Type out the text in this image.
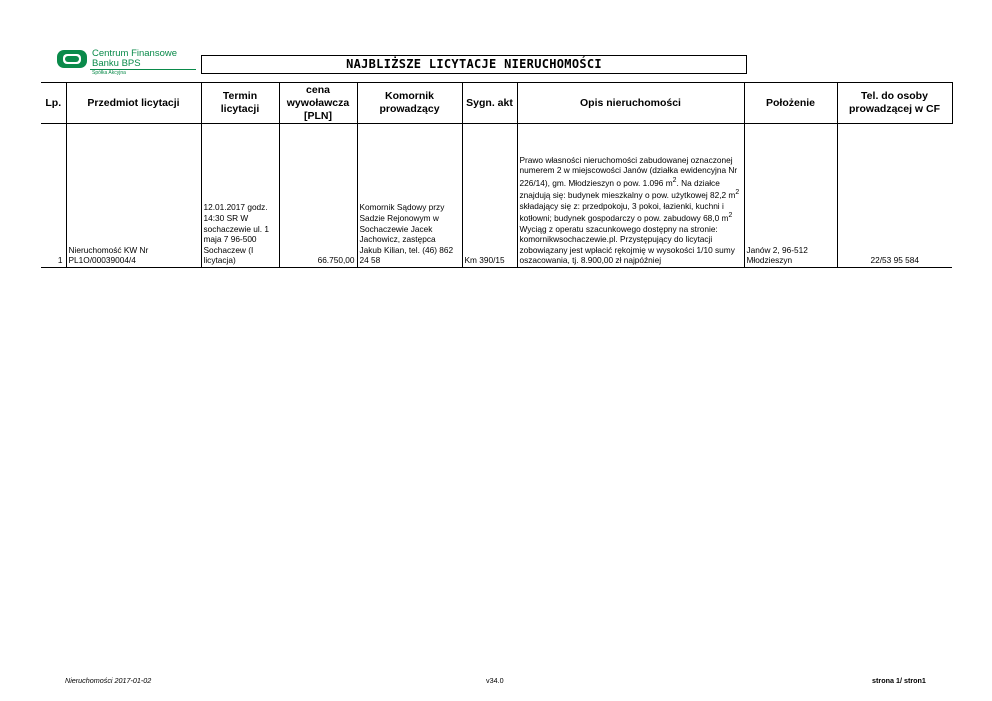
Centrum Finansowe
Banku BPS
Spółka Akcyjna
NAJBLIŻSZE LICYTACJE NIERUCHOMOŚCI
Lp.	Przedmiot licytacji	Termin licytacji	cena wywoławcza [PLN]	Komornik prowadzący	Sygn. akt	Opis nieruchomości	Położenie	Tel. do osoby prowadzącej w CF
1	Nieruchomość KW Nr PL1O/00039004/4	12.01.2017 godz. 14:30 SR W sochaczewie ul. 1 maja 7 96-500 Sochaczew (I licytacja)	66.750,00	Komornik Sądowy przy Sadzie Rejonowym w Sochaczewie Jacek Jachowicz, zastępca Jakub Kilian, tel. (46) 862 24 58	Km 390/15	Prawo własności nieruchomości zabudowanej oznaczonej numerem 2 w miejscowości Janów (działka ewidencyjna Nr 226/14), gm. Młodzieszyn o pow. 1.096 $m^2$. Na działce znajdują się: budynek mieszkalny o pow. użytkowej 82,2 $m^2$ składający się z: przedpokoju, 3 pokoi, łazienki, kuchni i kotłowni; budynek gospodarczy o pow. zabudowy 68,0 $m^2$ Wyciąg z operatu szacunkowego dostępny na stronie: komornikwsochaczewie.pl. Przystępujący do licytacji zobowiązany jest wpłacić rękojmię w wysokości 1/10 sumy oszacowania, tj. 8.900,00 zł najpóźniej	Janów 2, 96-512 Młodzieszyn	22/53 95 584
Nieruchomości 2017-01-02	v34.0	strona 1/ stron1
